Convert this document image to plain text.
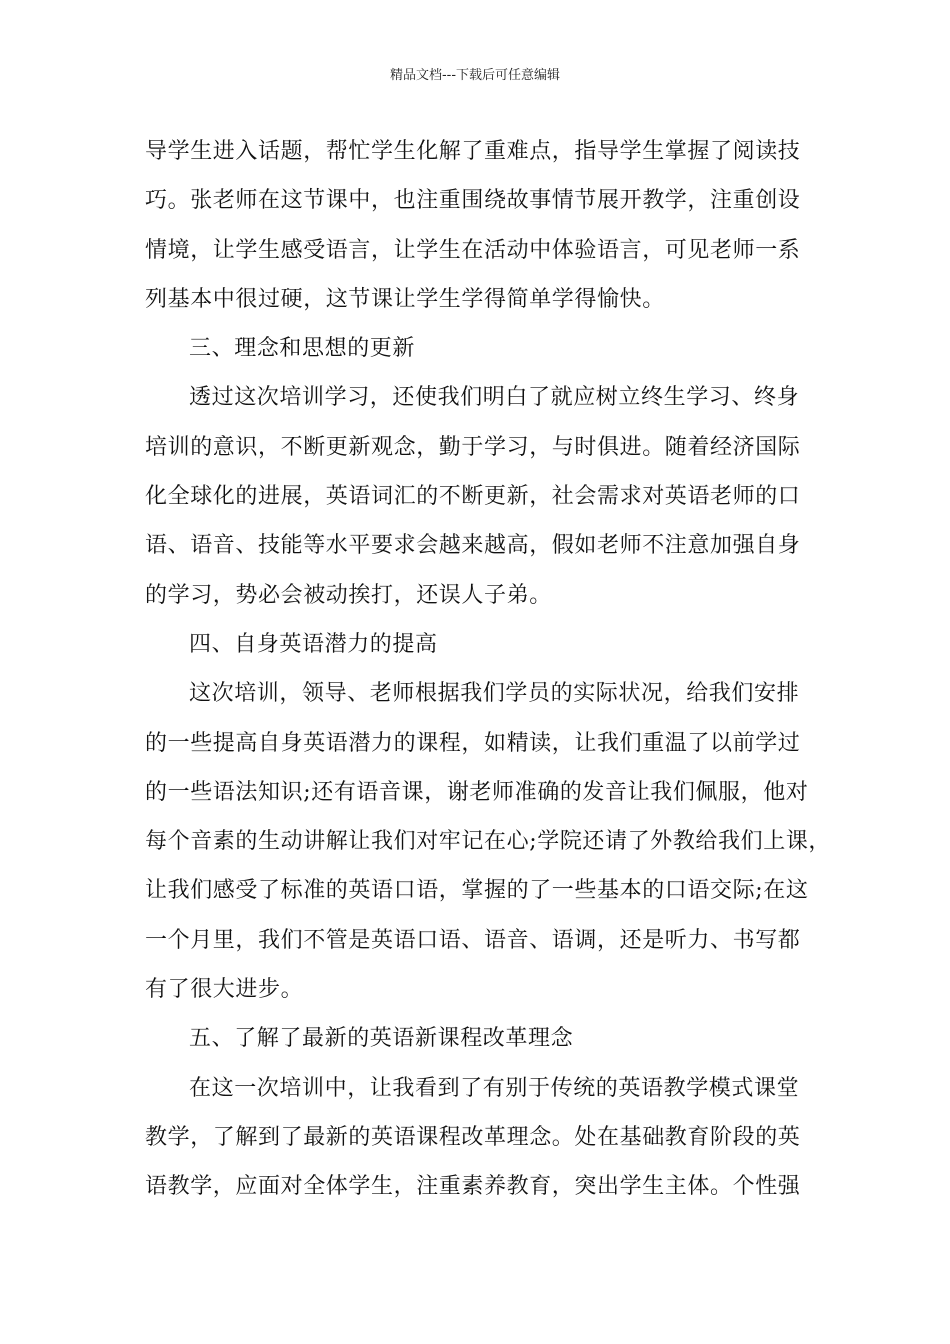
精品文档---下载后可任意编辑
导学生进入话题，帮忙学生化解了重难点，指导学生掌握了阅读技
巧。张老师在这节课中，也注重围绕故事情节展开教学，注重创设
情境，让学生感受语言，让学生在活动中体验语言，可见老师一系
列基本中很过硬，这节课让学生学得简单学得愉快。
三、理念和思想的更新
透过这次培训学习，还使我们明白了就应树立终生学习、终身
培训的意识，不断更新观念，勤于学习，与时俱进。随着经济国际
化全球化的进展，英语词汇的不断更新，社会需求对英语老师的口
语、语音、技能等水平要求会越来越高，假如老师不注意加强自身
的学习，势必会被动挨打，还误人子弟。
四、自身英语潜力的提高
这次培训，领导、老师根据我们学员的实际状况，给我们安排
的一些提高自身英语潜力的课程，如精读，让我们重温了以前学过
的一些语法知识;还有语音课，谢老师准确的发音让我们佩服，他对
每个音素的生动讲解让我们对牢记在心;学院还请了外教给我们上课，
让我们感受了标准的英语口语，掌握的了一些基本的口语交际;在这
一个月里，我们不管是英语口语、语音、语调，还是听力、书写都
有了很大进步。
五、了解了最新的英语新课程改革理念
在这一次培训中，让我看到了有别于传统的英语教学模式课堂
教学，了解到了最新的英语课程改革理念。处在基础教育阶段的英
语教学，应面对全体学生，注重素养教育，突出学生主体。个性强
